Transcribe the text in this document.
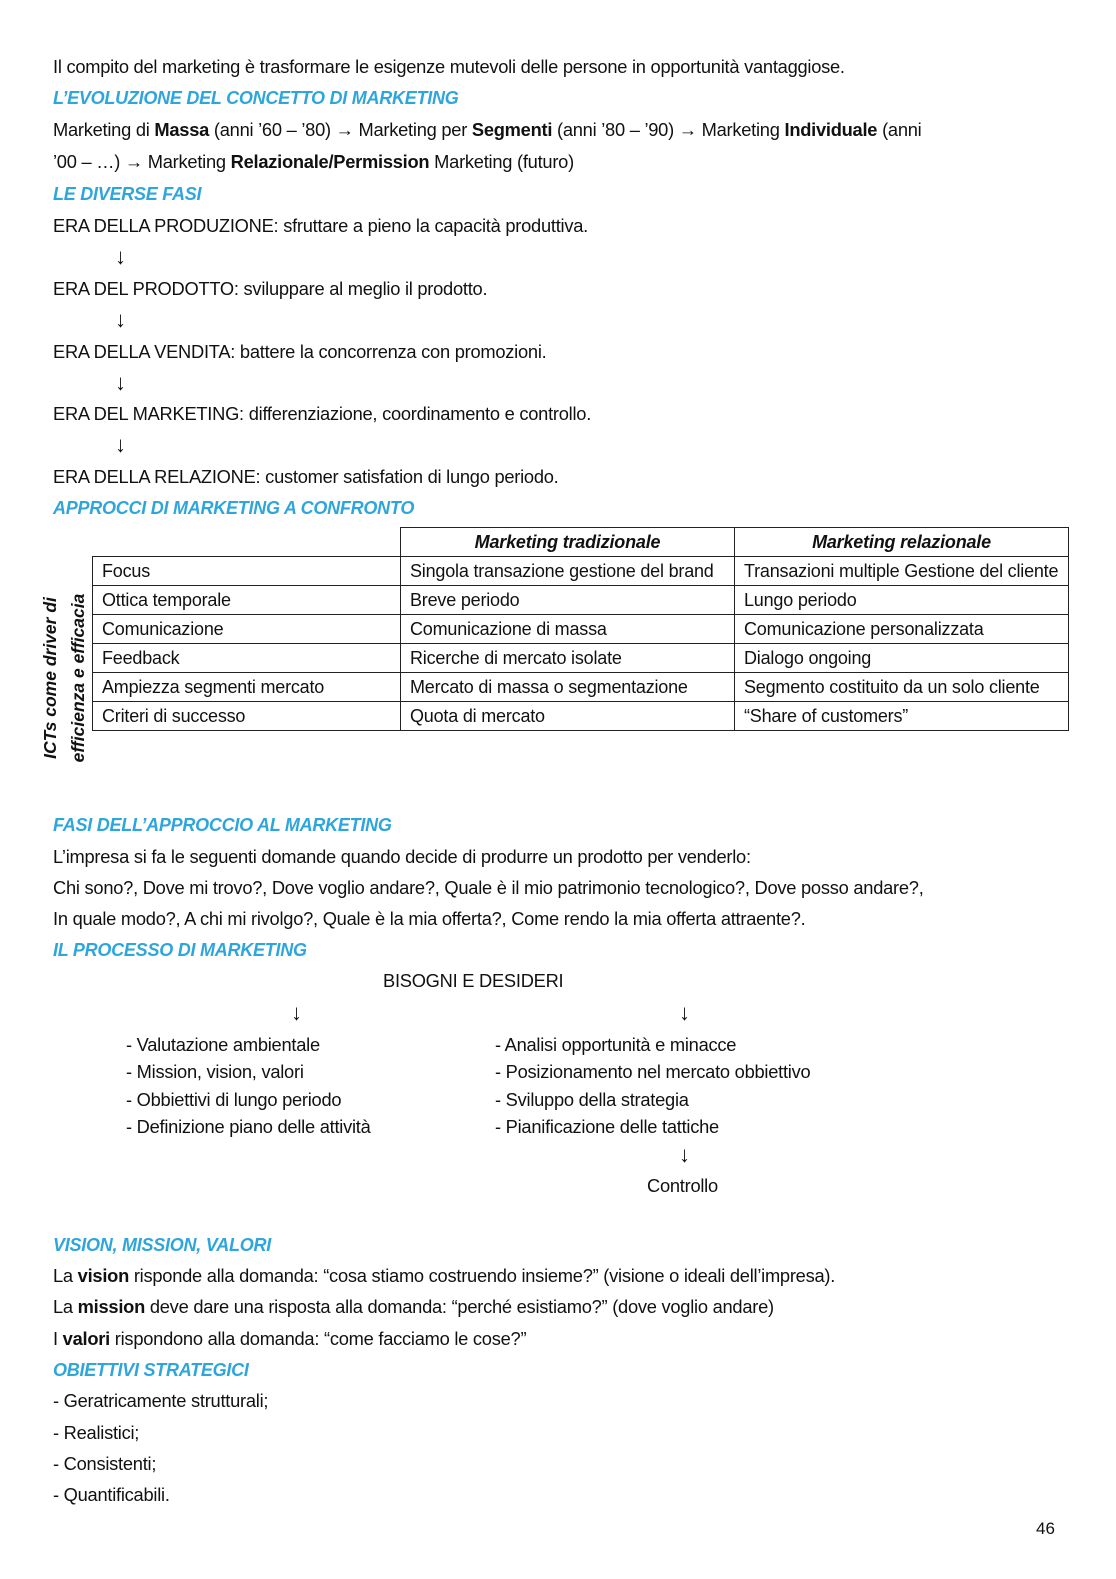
Il compito del marketing è trasformare le esigenze mutevoli delle persone in opportunità vantaggiose.
L’EVOLUZIONE DEL CONCETTO DI MARKETING
Marketing di Massa (anni ’60 – ’80) → Marketing per Segmenti (anni ’80 – ’90) → Marketing Individuale (anni
’00 – …) → Marketing Relazionale/Permission Marketing (futuro)
LE DIVERSE FASI
ERA DELLA PRODUZIONE: sfruttare a pieno la capacità produttiva.
↓
ERA DEL PRODOTTO: sviluppare al meglio il prodotto.
↓
ERA DELLA VENDITA: battere la concorrenza con promozioni.
↓
ERA DEL MARKETING: differenziazione, coordinamento e controllo.
↓
ERA DELLA RELAZIONE: customer satisfation di lungo periodo.
APPROCCI DI MARKETING A CONFRONTO
ICTs come driver di efficienza e efficacia
	Marketing tradizionale	Marketing relazionale
Focus	Singola transazione gestione del brand	Transazioni multiple Gestione del cliente
Ottica temporale	Breve periodo	Lungo periodo
Comunicazione	Comunicazione di massa	Comunicazione personalizzata
Feedback	Ricerche di mercato isolate	Dialogo ongoing
Ampiezza segmenti mercato	Mercato di massa o segmentazione	Segmento costituito da un solo cliente
Criteri di successo	Quota di mercato	“Share of customers”
FASI DELL’APPROCCIO AL MARKETING
L’impresa si fa le seguenti domande quando decide di produrre un prodotto per venderlo:
Chi sono?, Dove mi trovo?, Dove voglio andare?, Quale è il mio patrimonio tecnologico?, Dove posso andare?,
In quale modo?, A chi mi rivolgo?, Quale è la mia offerta?, Come rendo la mia offerta attraente?.
IL PROCESSO DI MARKETING
BISOGNI E DESIDERI
↓	↓
- Valutazione ambientale
- Mission, vision, valori
- Obbiettivi di lungo periodo
- Definizione piano delle attività
- Analisi opportunità e minacce
- Posizionamento nel mercato obbiettivo
- Sviluppo della strategia
- Pianificazione delle tattiche
↓
Controllo
VISION, MISSION, VALORI
La vision risponde alla domanda: “cosa stiamo costruendo insieme?” (visione o ideali dell’impresa).
La mission deve dare una risposta alla domanda: “perché esistiamo?” (dove voglio andare)
I valori rispondono alla domanda: “come facciamo le cose?”
OBIETTIVI STRATEGICI
- Geratricamente strutturali;
- Realistici;
- Consistenti;
- Quantificabili.
46
